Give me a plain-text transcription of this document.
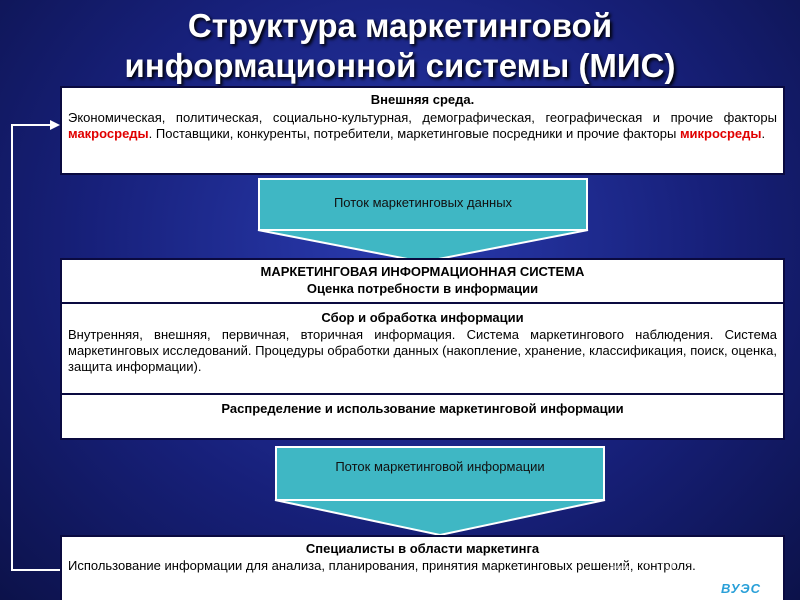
Структура маркетинговой
информационной системы (МИС)
Внешняя среда.
Экономическая, политическая, социально-культурная, демографическая, географическая и прочие факторы макросреды. Поставщики, конкуренты, потребители, маркетинговые посредники и прочие факторы микросреды.
Поток маркетинговых данных
МАРКЕТИНГОВАЯ ИНФОРМАЦИОННАЯ СИСТЕМА
Оценка потребности в информации
Сбор и обработка информации
Внутренняя, внешняя, первичная, вторичная информация. Система маркетингового наблюдения. Система маркетинговых исследований. Процедуры обработки данных (накопление, хранение, классификация, поиск, оценка, защита информации).
Распределение и использование маркетинговой информации
Поток маркетинговой информации
Специалисты в области маркетинга
Использование информации для анализа, планирования, принятия маркетинговых решений, контроля.
MyShared
ВУЭС
